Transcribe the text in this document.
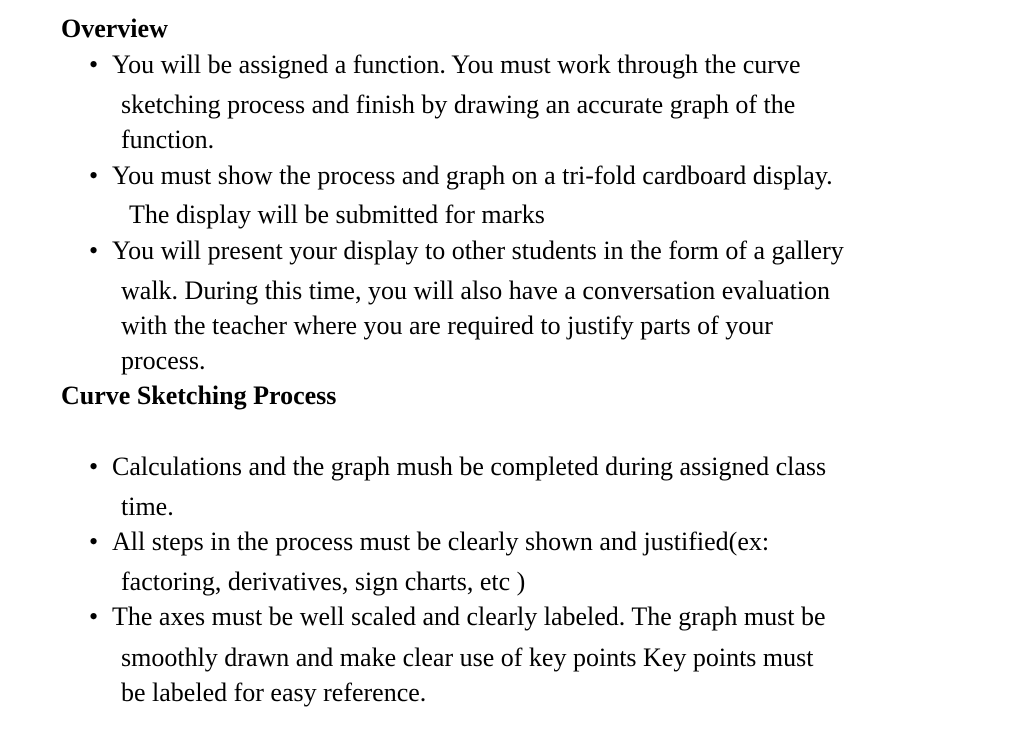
Overview
• You will be assigned a function. You must work through the curve
sketching process and finish by drawing an accurate graph of the
function.
• You must show the process and graph on a tri-fold cardboard display.
The display will be submitted for marks
• You will present your display to other students in the form of a gallery
walk. During this time, you will also have a conversation evaluation
with the teacher where you are required to justify parts of your
process.
Curve Sketching Process
• Calculations and the graph mush be completed during assigned class
time.
• All steps in the process must be clearly shown and justified(ex:
factoring, derivatives, sign charts, etc )
• The axes must be well scaled and clearly labeled. The graph must be
smoothly drawn and make clear use of key points Key points must
be labeled for easy reference.
